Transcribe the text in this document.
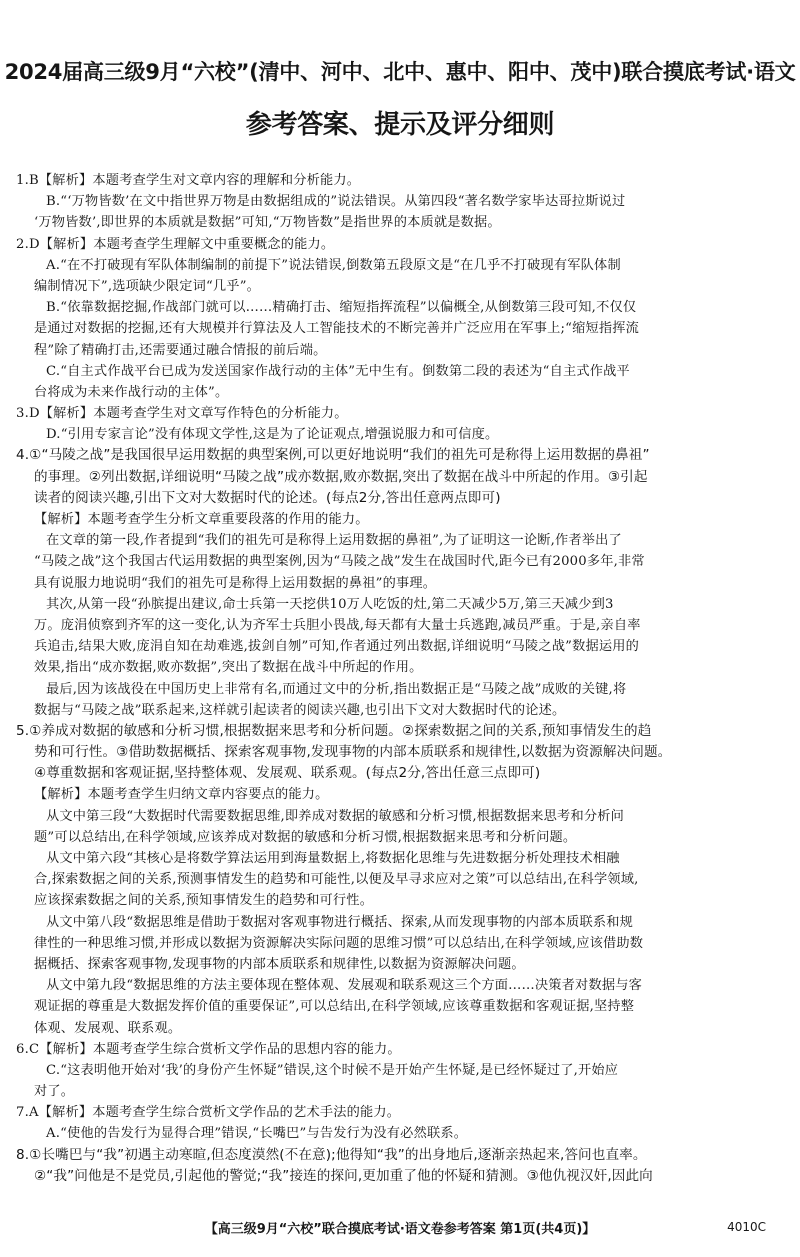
2024届高三级9月“六校”(清中、河中、北中、惠中、阳中、茂中)联合摸底考试·语文
参考答案、提示及评分细则
1.B【解析】本题考查学生对文章内容的理解和分析能力。
B.“‘万物皆数’在文中指世界万物是由数据组成的”说法错误。从第四段“著名数学家毕达哥拉斯说过
‘万物皆数’,即世界的本质就是数据”可知,“万物皆数”是指世界的本质就是数据。
2.D【解析】本题考查学生理解文中重要概念的能力。
A.“在不打破现有军队体制编制的前提下”说法错误,倒数第五段原文是“在几乎不打破现有军队体制
编制情况下”,选项缺少限定词“几乎”。
B.“依靠数据挖掘,作战部门就可以……精确打击、缩短指挥流程”以偏概全,从倒数第三段可知,不仅仅
是通过对数据的挖掘,还有大规模并行算法及人工智能技术的不断完善并广泛应用在军事上;“缩短指挥流
程”除了精确打击,还需要通过融合情报的前后端。
C.“自主式作战平台已成为发送国家作战行动的主体”无中生有。倒数第二段的表述为“自主式作战平
台将成为未来作战行动的主体”。
3.D【解析】本题考查学生对文章写作特色的分析能力。
D.“引用专家言论”没有体现文学性,这是为了论证观点,增强说服力和可信度。
4.①“马陵之战”是我国很早运用数据的典型案例,可以更好地说明“我们的祖先可是称得上运用数据的鼻祖”
的事理。②列出数据,详细说明“马陵之战”成亦数据,败亦数据,突出了数据在战斗中所起的作用。③引起
读者的阅读兴趣,引出下文对大数据时代的论述。(每点2分,答出任意两点即可)
【解析】本题考查学生分析文章重要段落的作用的能力。
在文章的第一段,作者提到“我们的祖先可是称得上运用数据的鼻祖”,为了证明这一论断,作者举出了
“马陵之战”这个我国古代运用数据的典型案例,因为“马陵之战”发生在战国时代,距今已有2000多年,非常
具有说服力地说明“我们的祖先可是称得上运用数据的鼻祖”的事理。
其次,从第一段“孙膑提出建议,命士兵第一天挖供10万人吃饭的灶,第二天减少5万,第三天减少到3
万。庞涓侦察到齐军的这一变化,认为齐军士兵胆小畏战,每天都有大量士兵逃跑,减员严重。于是,亲自率
兵追击,结果大败,庞涓自知在劫难逃,拔剑自刎”可知,作者通过列出数据,详细说明“马陵之战”数据运用的
效果,指出“成亦数据,败亦数据”,突出了数据在战斗中所起的作用。
最后,因为该战役在中国历史上非常有名,而通过文中的分析,指出数据正是“马陵之战”成败的关键,将
数据与“马陵之战”联系起来,这样就引起读者的阅读兴趣,也引出下文对大数据时代的论述。
5.①养成对数据的敏感和分析习惯,根据数据来思考和分析问题。②探索数据之间的关系,预知事情发生的趋
势和可行性。③借助数据概括、探索客观事物,发现事物的内部本质联系和规律性,以数据为资源解决问题。
④尊重数据和客观证据,坚持整体观、发展观、联系观。(每点2分,答出任意三点即可)
【解析】本题考查学生归纳文章内容要点的能力。
从文中第三段“大数据时代需要数据思维,即养成对数据的敏感和分析习惯,根据数据来思考和分析问
题”可以总结出,在科学领域,应该养成对数据的敏感和分析习惯,根据数据来思考和分析问题。
从文中第六段“其核心是将数学算法运用到海量数据上,将数据化思维与先进数据分析处理技术相融
合,探索数据之间的关系,预测事情发生的趋势和可能性,以便及早寻求应对之策”可以总结出,在科学领域,
应该探索数据之间的关系,预知事情发生的趋势和可行性。
从文中第八段“数据思维是借助于数据对客观事物进行概括、探索,从而发现事物的内部本质联系和规
律性的一种思维习惯,并形成以数据为资源解决实际问题的思维习惯”可以总结出,在科学领域,应该借助数
据概括、探索客观事物,发现事物的内部本质联系和规律性,以数据为资源解决问题。
从文中第九段“数据思维的方法主要体现在整体观、发展观和联系观这三个方面……决策者对数据与客
观证据的尊重是大数据发挥价值的重要保证”,可以总结出,在科学领域,应该尊重数据和客观证据,坚持整
体观、发展观、联系观。
6.C【解析】本题考查学生综合赏析文学作品的思想内容的能力。
C.“这表明他开始对‘我’的身份产生怀疑”错误,这个时候不是开始产生怀疑,是已经怀疑过了,开始应
对了。
7.A【解析】本题考查学生综合赏析文学作品的艺术手法的能力。
A.“使他的告发行为显得合理”错误,“长嘴巴”与告发行为没有必然联系。
8.①长嘴巴与“我”初遇主动寒暄,但态度漠然(不在意);他得知“我”的出身地后,逐渐亲热起来,答问也直率。
②“我”问他是不是党员,引起他的警觉;“我”接连的探问,更加重了他的怀疑和猜测。③他仇视汉奸,因此向
【高三级9月“六校”联合摸底考试·语文卷参考答案 第1页(共4页)】	4010C
